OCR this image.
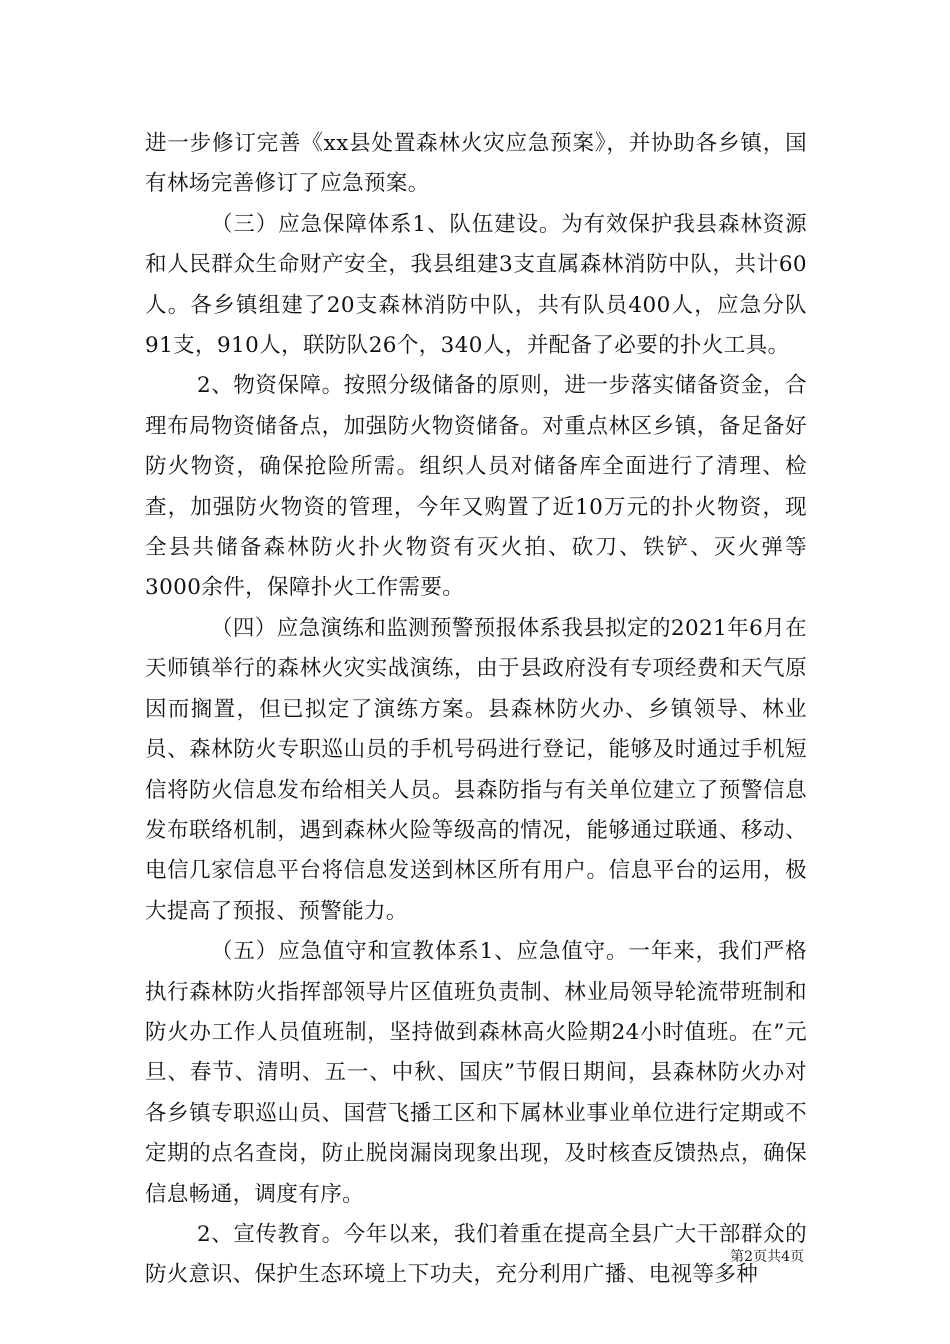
进一步修订完善《xx县处置森林火灾应急预案》，并协助各乡镇，国有林场完善修订了应急预案。

（三）应急保障体系1、队伍建设。为有效保护我县森林资源和人民群众生命财产安全，我县组建3支直属森林消防中队，共计60人。各乡镇组建了20支森林消防中队，共有队员400人，应急分队91支，910人，联防队26个，340人，并配备了必要的扑火工具。

2、物资保障。按照分级储备的原则，进一步落实储备资金，合理布局物资储备点，加强防火物资储备。对重点林区乡镇，备足备好防火物资，确保抢险所需。组织人员对储备库全面进行了清理、检查，加强防火物资的管理，今年又购置了近10万元的扑火物资，现全县共储备森林防火扑火物资有灭火拍、砍刀、铁铲、灭火弹等3000余件，保障扑火工作需要。

（四）应急演练和监测预警预报体系我县拟定的2021年6月在天师镇举行的森林火灾实战演练，由于县政府没有专项经费和天气原因而搁置，但已拟定了演练方案。县森林防火办、乡镇领导、林业员、森林防火专职巡山员的手机号码进行登记，能够及时通过手机短信将防火信息发布给相关人员。县森防指与有关单位建立了预警信息发布联络机制，遇到森林火险等级高的情况，能够通过联通、移动、电信几家信息平台将信息发送到林区所有用户。信息平台的运用，极大提高了预报、预警能力。

（五）应急值守和宣教体系1、应急值守。一年来，我们严格执行森林防火指挥部领导片区值班负责制、林业局领导轮流带班制和防火办工作人员值班制，坚持做到森林高火险期24小时值班。在”元旦、春节、清明、五一、中秋、国庆”节假日期间，县森林防火办对各乡镇专职巡山员、国营飞播工区和下属林业事业单位进行定期或不定期的点名查岗，防止脱岗漏岗现象出现，及时核查反馈热点，确保信息畅通，调度有序。

2、宣传教育。今年以来，我们着重在提高全县广大干部群众的防火意识、保护生态环境上下功夫，充分利用广播、电视等多种

第2页共4页
